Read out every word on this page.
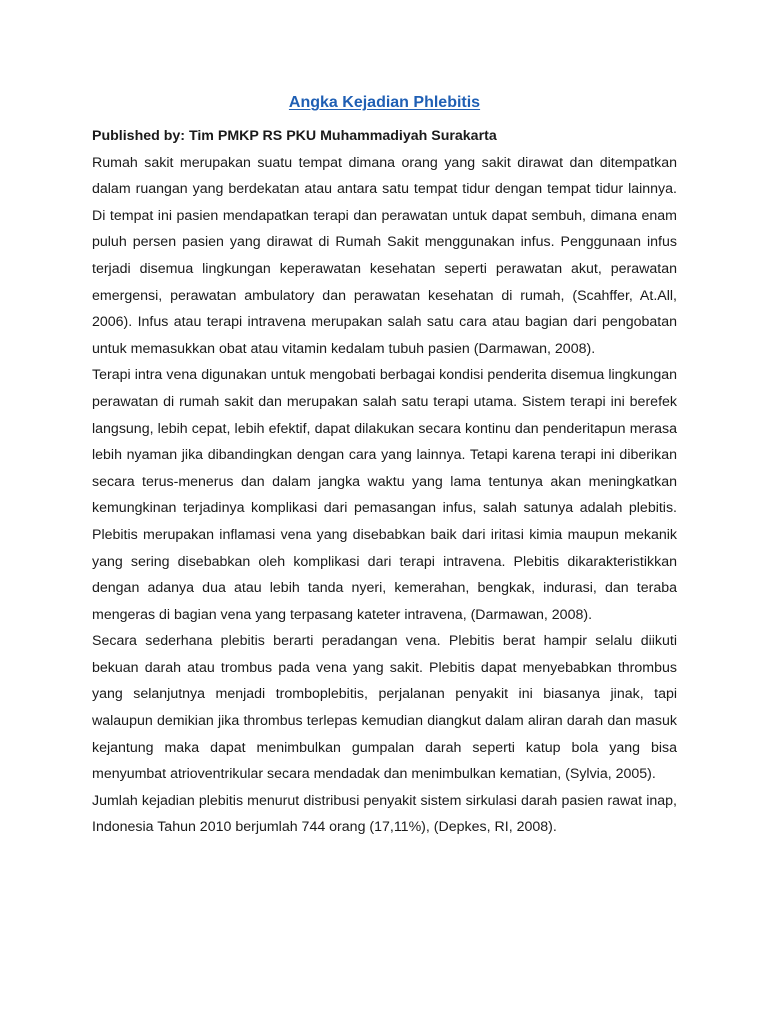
Angka Kejadian Phlebitis

Published by: Tim PMKP RS PKU Muhammadiyah Surakarta

Rumah sakit merupakan suatu tempat dimana orang yang sakit dirawat dan ditempatkan dalam ruangan yang berdekatan atau antara satu tempat tidur dengan tempat tidur lainnya. Di tempat ini pasien mendapatkan terapi dan perawatan untuk dapat sembuh, dimana enam puluh persen pasien yang dirawat di Rumah Sakit menggunakan infus. Penggunaan infus terjadi disemua lingkungan keperawatan kesehatan seperti perawatan akut, perawatan emergensi, perawatan ambulatory dan perawatan kesehatan di rumah, (Scahffer, At.All, 2006). Infus atau terapi intravena merupakan salah satu cara atau bagian dari pengobatan untuk memasukkan obat atau vitamin kedalam tubuh pasien (Darmawan, 2008).

Terapi intra vena digunakan untuk mengobati berbagai kondisi penderita disemua lingkungan perawatan di rumah sakit dan merupakan salah satu terapi utama. Sistem terapi ini berefek langsung, lebih cepat, lebih efektif, dapat dilakukan secara kontinu dan penderitapun merasa lebih nyaman jika dibandingkan dengan cara yang lainnya. Tetapi karena terapi ini diberikan secara terus-menerus dan dalam jangka waktu yang lama tentunya akan meningkatkan kemungkinan terjadinya komplikasi dari pemasangan infus, salah satunya adalah plebitis. Plebitis merupakan inflamasi vena yang disebabkan baik dari iritasi kimia maupun mekanik yang sering disebabkan oleh komplikasi dari terapi intravena. Plebitis dikarakteristikkan dengan adanya dua atau lebih tanda nyeri, kemerahan, bengkak, indurasi, dan teraba mengeras di bagian vena yang terpasang kateter intravena, (Darmawan, 2008).

Secara sederhana plebitis berarti peradangan vena. Plebitis berat hampir selalu diikuti bekuan darah atau trombus pada vena yang sakit. Plebitis dapat menyebabkan thrombus yang selanjutnya menjadi tromboplebitis, perjalanan penyakit ini biasanya jinak, tapi walaupun demikian jika thrombus terlepas kemudian diangkut dalam aliran darah dan masuk kejantung maka dapat menimbulkan gumpalan darah seperti katup bola yang bisa menyumbat atrioventrikular secara mendadak dan menimbulkan kematian, (Sylvia, 2005).

Jumlah kejadian plebitis menurut distribusi penyakit sistem sirkulasi darah pasien rawat inap, Indonesia Tahun 2010 berjumlah 744 orang (17,11%), (Depkes, RI, 2008).
